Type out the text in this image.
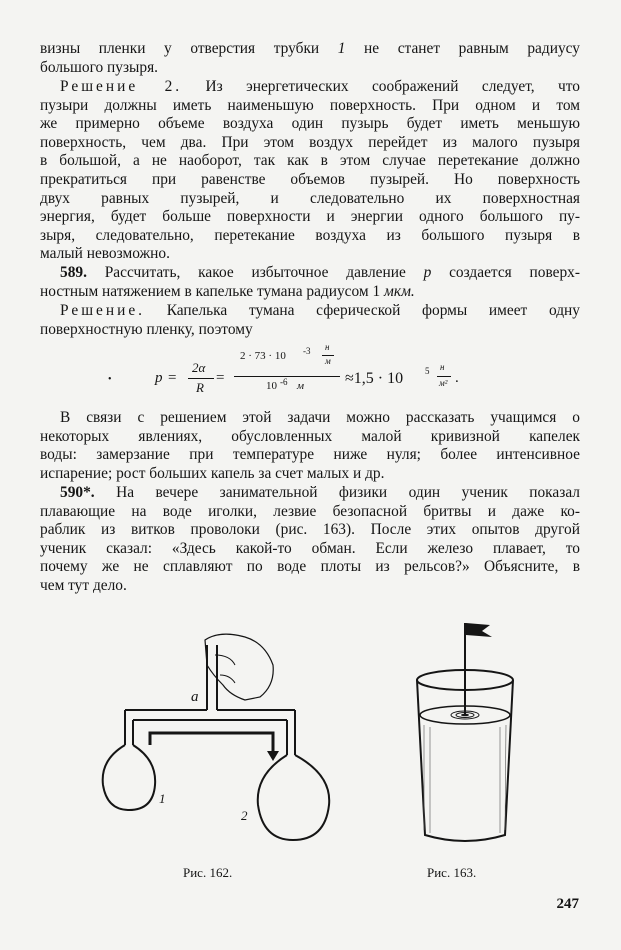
визны пленки у отверстия трубки 1 не станет равным радиусу
большого пузыря.
Решение 2. Из энергетических соображений следует, что
пузыри должны иметь наименьшую поверхность. При одном и том
же примерно объеме воздуха один пузырь будет иметь меньшую
поверхность, чем два. При этом воздух перейдет из малого пузыря
в большой, а не наоборот, так как в этом случае перетекание должно
прекратиться при равенстве объемов пузырей. Но поверхность
двух равных пузырей, и следовательно их поверхностная
энергия, будет больше поверхности и энергии одного большого пу-
зыря, следовательно, перетекание воздуха из большого пузыря в
малый невозможно.
589. Рассчитать, какое избыточное давление p создается поверх-
ностным натяжением в капельке тумана радиусом 1 мкм.
Решение. Капелька тумана сферической формы имеет одну
поверхностную пленку, поэтому
•	p =
2α
R
=
2 · 73 · 10 -3 н
м
10 -6 м	≈1,5 · 10 5 н
м² .
В связи с решением этой задачи можно рассказать учащимся о
некоторых явлениях, обусловленных малой кривизной капелек
воды: замерзание при температуре ниже нуля; более интенсивное
испарение; рост больших капель за счет малых и др.
590*. На вечере занимательной физики один ученик показал
плавающие на воде иголки, лезвие безопасной бритвы и даже ко-
раблик из витков проволоки (рис. 163). После этих опытов другой
ученик сказал: «Здесь какой-то обман. Если железо плавает, то
почему же не сплавляют по воде плоты из рельсов?» Объясните, в
чем тут дело.
a
1
2
Рис. 162.	Рис. 163.
247
